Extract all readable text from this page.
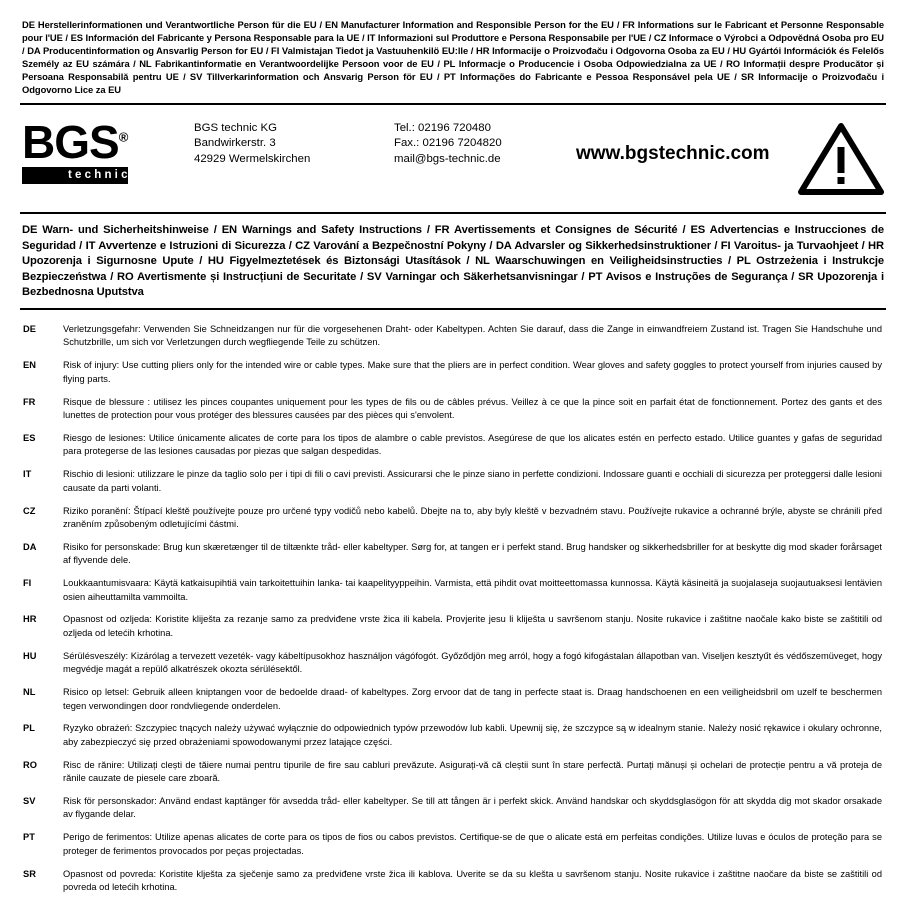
DE Herstellerinformationen und Verantwortliche Person für die EU / EN Manufacturer Information and Responsible Person for the EU / FR Informations sur le Fabricant et Personne Responsable pour l'UE / ES Información del Fabricante y Persona Responsable para la UE / IT Informazioni sul Produttore e Persona Responsabile per l'UE / CZ Informace o Výrobci a Odpovědná Osoba pro EU / DA Producentinformation og Ansvarlig Person for EU / FI Valmistajan Tiedot ja Vastuuhenkilö EU:lle / HR Informacije o Proizvođaču i Odgovorna Osoba za EU / HU Gyártói Információk és Felelős Személy az EU számára / NL Fabrikantinformatie en Verantwoordelijke Persoon voor de EU / PL Informacje o Producencie i Osoba Odpowiedzialna za UE / RO Informații despre Producător și Persoana Responsabilă pentru UE / SV Tillverkarinformation och Ansvarig Person för EU / PT Informações do Fabricante e Pessoa Responsável pela UE / SR Informacije o Proizvođaču i Odgovorno Lice za EU
BGS®
technic
BGS technic KG
Bandwirkerstr. 3
42929 Wermelskirchen
Tel.: 02196 720480
Fax.: 02196 7204820
mail@bgs-technic.de	www.bgstechnic.com
DE Warn- und Sicherheitshinweise / EN Warnings and Safety Instructions / FR Avertissements et Consignes de Sécurité / ES Advertencias e Instrucciones de Seguridad / IT Avvertenze e Istruzioni di Sicurezza / CZ Varování a Bezpečnostní Pokyny / DA Advarsler og Sikkerhedsinstruktioner / FI Varoitus- ja Turvaohjeet / HR Upozorenja i Sigurnosne Upute / HU Figyelmeztetések és Biztonsági Utasítások / NL Waarschuwingen en Veiligheidsinstructies / PL Ostrzeżenia i Instrukcje Bezpieczeństwa / RO Avertismente și Instrucțiuni de Securitate / SV Varningar och Säkerhetsanvisningar / PT Avisos e Instruções de Segurança / SR Upozorenja i Bezbednosna Uputstva
DE	Verletzungsgefahr: Verwenden Sie Schneidzangen nur für die vorgesehenen Draht- oder Kabeltypen. Achten Sie darauf, dass die Zange in einwandfreiem Zustand ist. Tragen Sie Handschuhe und Schutzbrille, um sich vor Verletzungen durch wegfliegende Teile zu schützen.
EN	Risk of injury: Use cutting pliers only for the intended wire or cable types. Make sure that the pliers are in perfect condition. Wear gloves and safety goggles to protect yourself from injuries caused by flying parts.
FR	Risque de blessure : utilisez les pinces coupantes uniquement pour les types de fils ou de câbles prévus. Veillez à ce que la pince soit en parfait état de fonctionnement. Portez des gants et des lunettes de protection pour vous protéger des blessures causées par des pièces qui s'envolent.
ES	Riesgo de lesiones: Utilice únicamente alicates de corte para los tipos de alambre o cable previstos. Asegúrese de que los alicates estén en perfecto estado. Utilice guantes y gafas de seguridad para protegerse de las lesiones causadas por piezas que salgan despedidas.
IT	Rischio di lesioni: utilizzare le pinze da taglio solo per i tipi di fili o cavi previsti. Assicurarsi che le pinze siano in perfette condizioni. Indossare guanti e occhiali di sicurezza per proteggersi dalle lesioni causate da parti volanti.
CZ	Riziko poranění: Štípací kleště používejte pouze pro určené typy vodičů nebo kabelů. Dbejte na to, aby byly kleště v bezvadném stavu. Používejte rukavice a ochranné brýle, abyste se chránili před zraněním způsobeným odletujícími částmi.
DA	Risiko for personskade: Brug kun skæretænger til de tiltænkte tråd- eller kabeltyper. Sørg for, at tangen er i perfekt stand. Brug handsker og sikkerhedsbriller for at beskytte dig mod skader forårsaget af flyvende dele.
FI	Loukkaantumisvaara: Käytä katkaisupihtiä vain tarkoitettuihin lanka- tai kaapelityyppeihin. Varmista, että pihdit ovat moitteettomassa kunnossa. Käytä käsineitä ja suojalaseja suojautuaksesi lentävien osien aiheuttamilta vammoilta.
HR	Opasnost od ozljeda: Koristite kliješta za rezanje samo za predviđene vrste žica ili kabela. Provjerite jesu li kliješta u savršenom stanju. Nosite rukavice i zaštitne naočale kako biste se zaštitili od ozljeda od letećih krhotina.
HU	Sérülésveszély: Kizárólag a tervezett vezeték- vagy kábeltípusokhoz használjon vágófogót. Győződjön meg arról, hogy a fogó kifogástalan állapotban van. Viseljen kesztyűt és védőszemüveget, hogy megvédje magát a repülő alkatrészek okozta sérülésektől.
NL	Risico op letsel: Gebruik alleen kniptangen voor de bedoelde draad- of kabeltypes. Zorg ervoor dat de tang in perfecte staat is. Draag handschoenen en een veiligheidsbril om uzelf te beschermen tegen verwondingen door rondvliegende onderdelen.
PL	Ryzyko obrażeń: Szczypiec tnących należy używać wyłącznie do odpowiednich typów przewodów lub kabli. Upewnij się, że szczypce są w idealnym stanie. Należy nosić rękawice i okulary ochronne, aby zabezpieczyć się przed obrażeniami spowodowanymi przez latające części.
RO	Risc de rănire: Utilizați clești de tăiere numai pentru tipurile de fire sau cabluri prevăzute. Asigurați-vă că cleștii sunt în stare perfectă. Purtați mănuși și ochelari de protecție pentru a vă proteja de rănile cauzate de piesele care zboară.
SV	Risk för personskador: Använd endast kaptänger för avsedda tråd- eller kabeltyper. Se till att tången är i perfekt skick. Använd handskar och skyddsglasögon för att skydda dig mot skador orsakade av flygande delar.
PT	Perigo de ferimentos: Utilize apenas alicates de corte para os tipos de fios ou cabos previstos. Certifique-se de que o alicate está em perfeitas condições. Utilize luvas e óculos de proteção para se proteger de ferimentos provocados por peças projectadas.
SR	Opasnost od povreda: Koristite klještа za sječenje samo za predviđene vrste žica ili kablova. Uverite se da su kleštа u savršenom stanju. Nosite rukavice i zaštitne naočare da biste se zaštitili od povreda od letećih krhotina.
